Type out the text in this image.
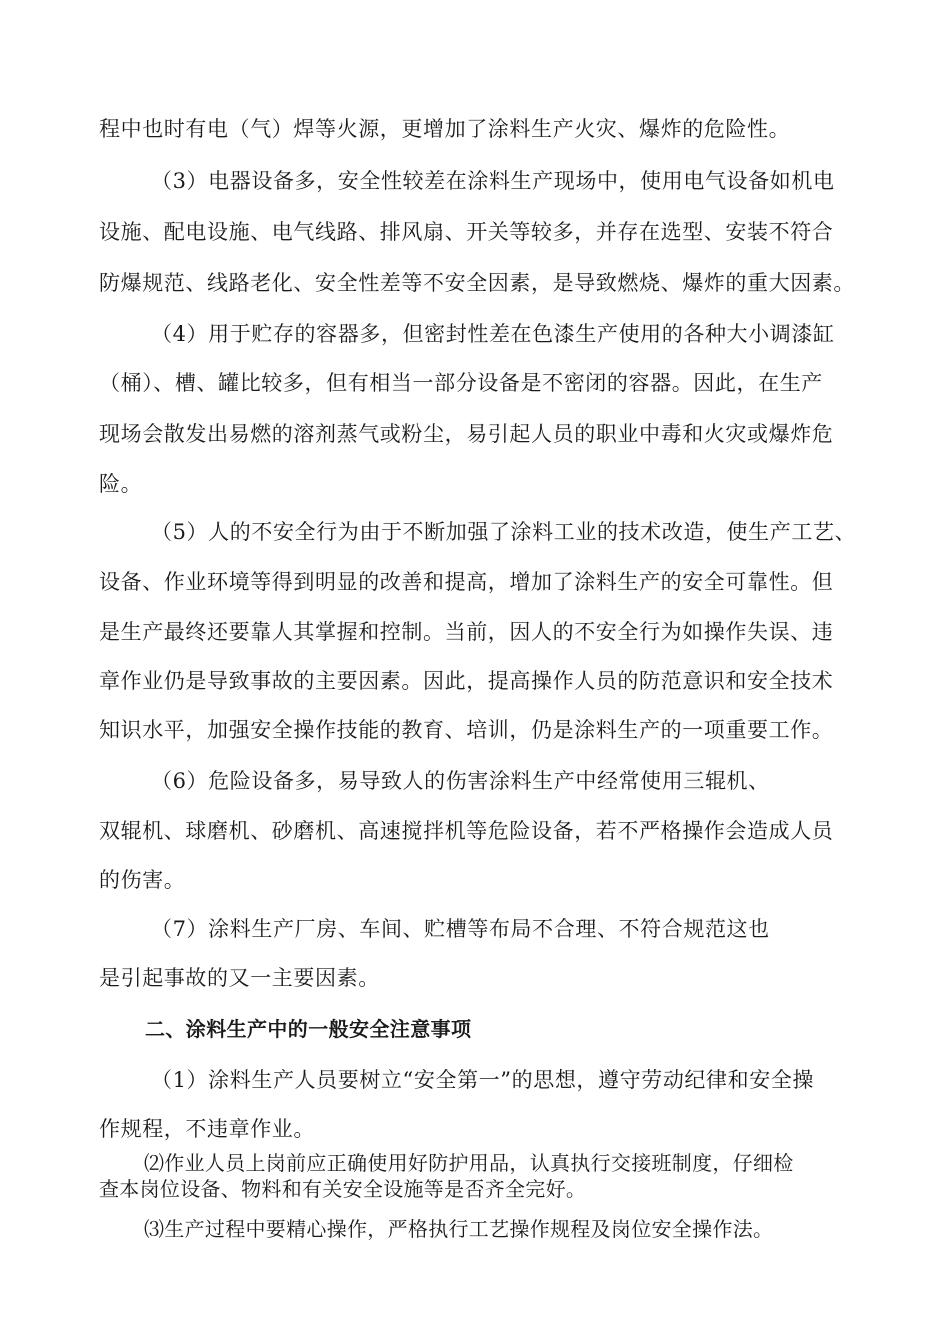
程中也时有电（气）焊等火源，更增加了涂料生产火灾、爆炸的危险性。
（3）电器设备多，安全性较差在涂料生产现场中，使用电气设备如机电
设施、配电设施、电气线路、排风扇、开关等较多，并存在选型、安装不符合
防爆规范、线路老化、安全性差等不安全因素，是导致燃烧、爆炸的重大因素。
（4）用于贮存的容器多，但密封性差在色漆生产使用的各种大小调漆缸
（桶）、槽、罐比较多，但有相当一部分设备是不密闭的容器。因此，在生产
现场会散发出易燃的溶剂蒸气或粉尘，易引起人员的职业中毒和火灾或爆炸危
险。
（5）人的不安全行为由于不断加强了涂料工业的技术改造，使生产工艺、
设备、作业环境等得到明显的改善和提高，增加了涂料生产的安全可靠性。但
是生产最终还要靠人其掌握和控制。当前，因人的不安全行为如操作失误、违
章作业仍是导致事故的主要因素。因此，提高操作人员的防范意识和安全技术
知识水平，加强安全操作技能的教育、培训，仍是涂料生产的一项重要工作。
（6）危险设备多，易导致人的伤害涂料生产中经常使用三辊机、
双辊机、球磨机、砂磨机、高速搅拌机等危险设备，若不严格操作会造成人员
的伤害。
（7）涂料生产厂房、车间、贮槽等布局不合理、不符合规范这也
是引起事故的又一主要因素。
二、涂料生产中的一般安全注意事项
（1）涂料生产人员要树立“安全第一”的思想，遵守劳动纪律和安全操
作规程，不违章作业。
⑵作业人员上岗前应正确使用好防护用品，认真执行交接班制度，仔细检
查本岗位设备、物料和有关安全设施等是否齐全完好。
⑶生产过程中要精心操作，严格执行工艺操作规程及岗位安全操作法。
